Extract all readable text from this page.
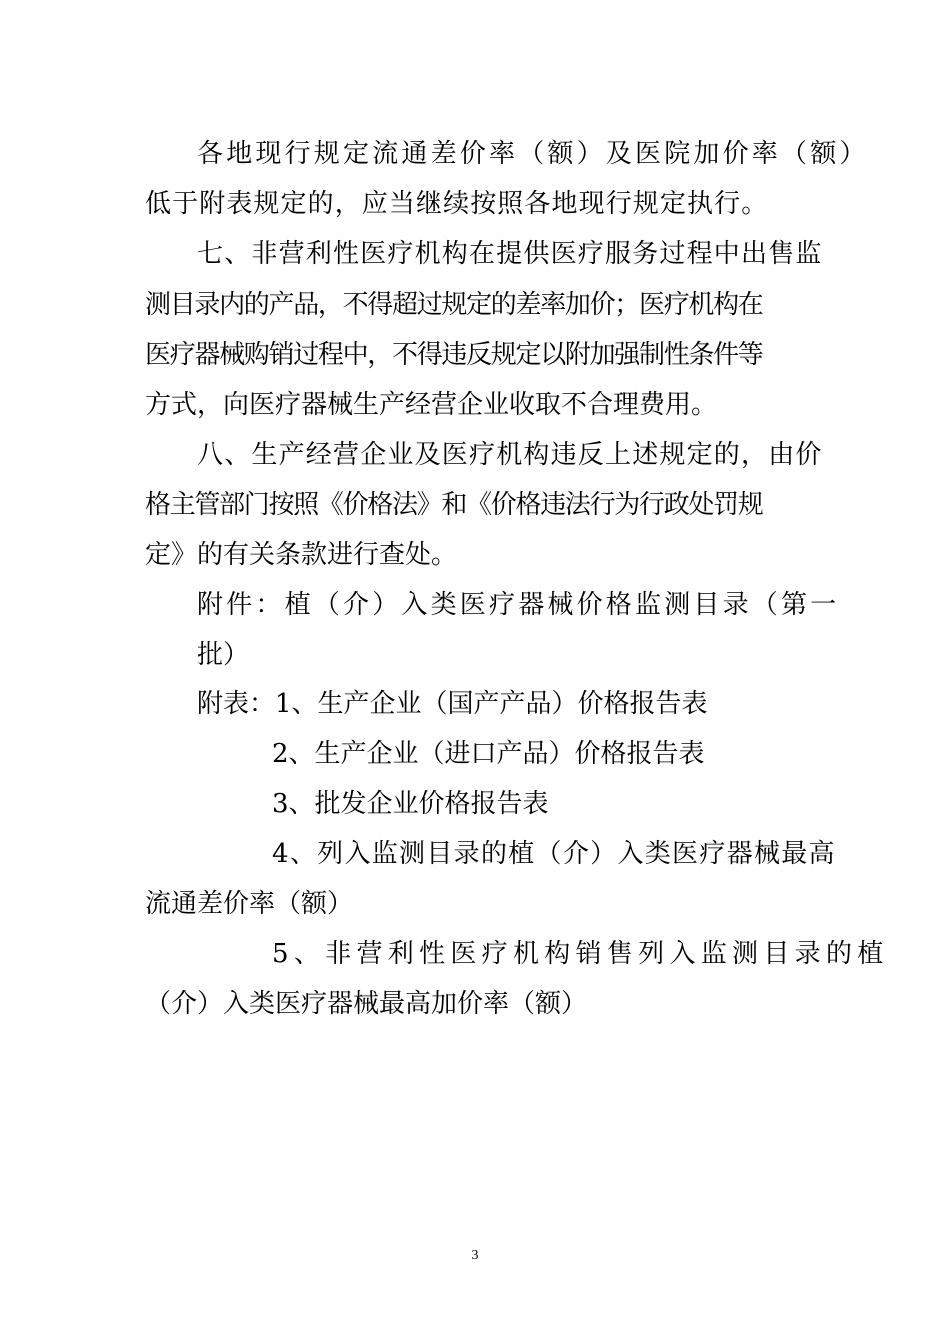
各地现行规定流通差价率（额）及医院加价率（额）
低于附表规定的，应当继续按照各地现行规定执行。
七、非营利性医疗机构在提供医疗服务过程中出售监
测目录内的产品，不得超过规定的差率加价；医疗机构在
医疗器械购销过程中，不得违反规定以附加强制性条件等
方式，向医疗器械生产经营企业收取不合理费用。
八、生产经营企业及医疗机构违反上述规定的，由价
格主管部门按照《价格法》和《价格违法行为行政处罚规
定》的有关条款进行查处。
附件：植（介）入类医疗器械价格监测目录（第一
批）
附表：1、生产企业（国产产品）价格报告表
2、生产企业（进口产品）价格报告表
3、批发企业价格报告表
4、列入监测目录的植（介）入类医疗器械最高
流通差价率（额）
5、非营利性医疗机构销售列入监测目录的植
（介）入类医疗器械最高加价率（额）
3
